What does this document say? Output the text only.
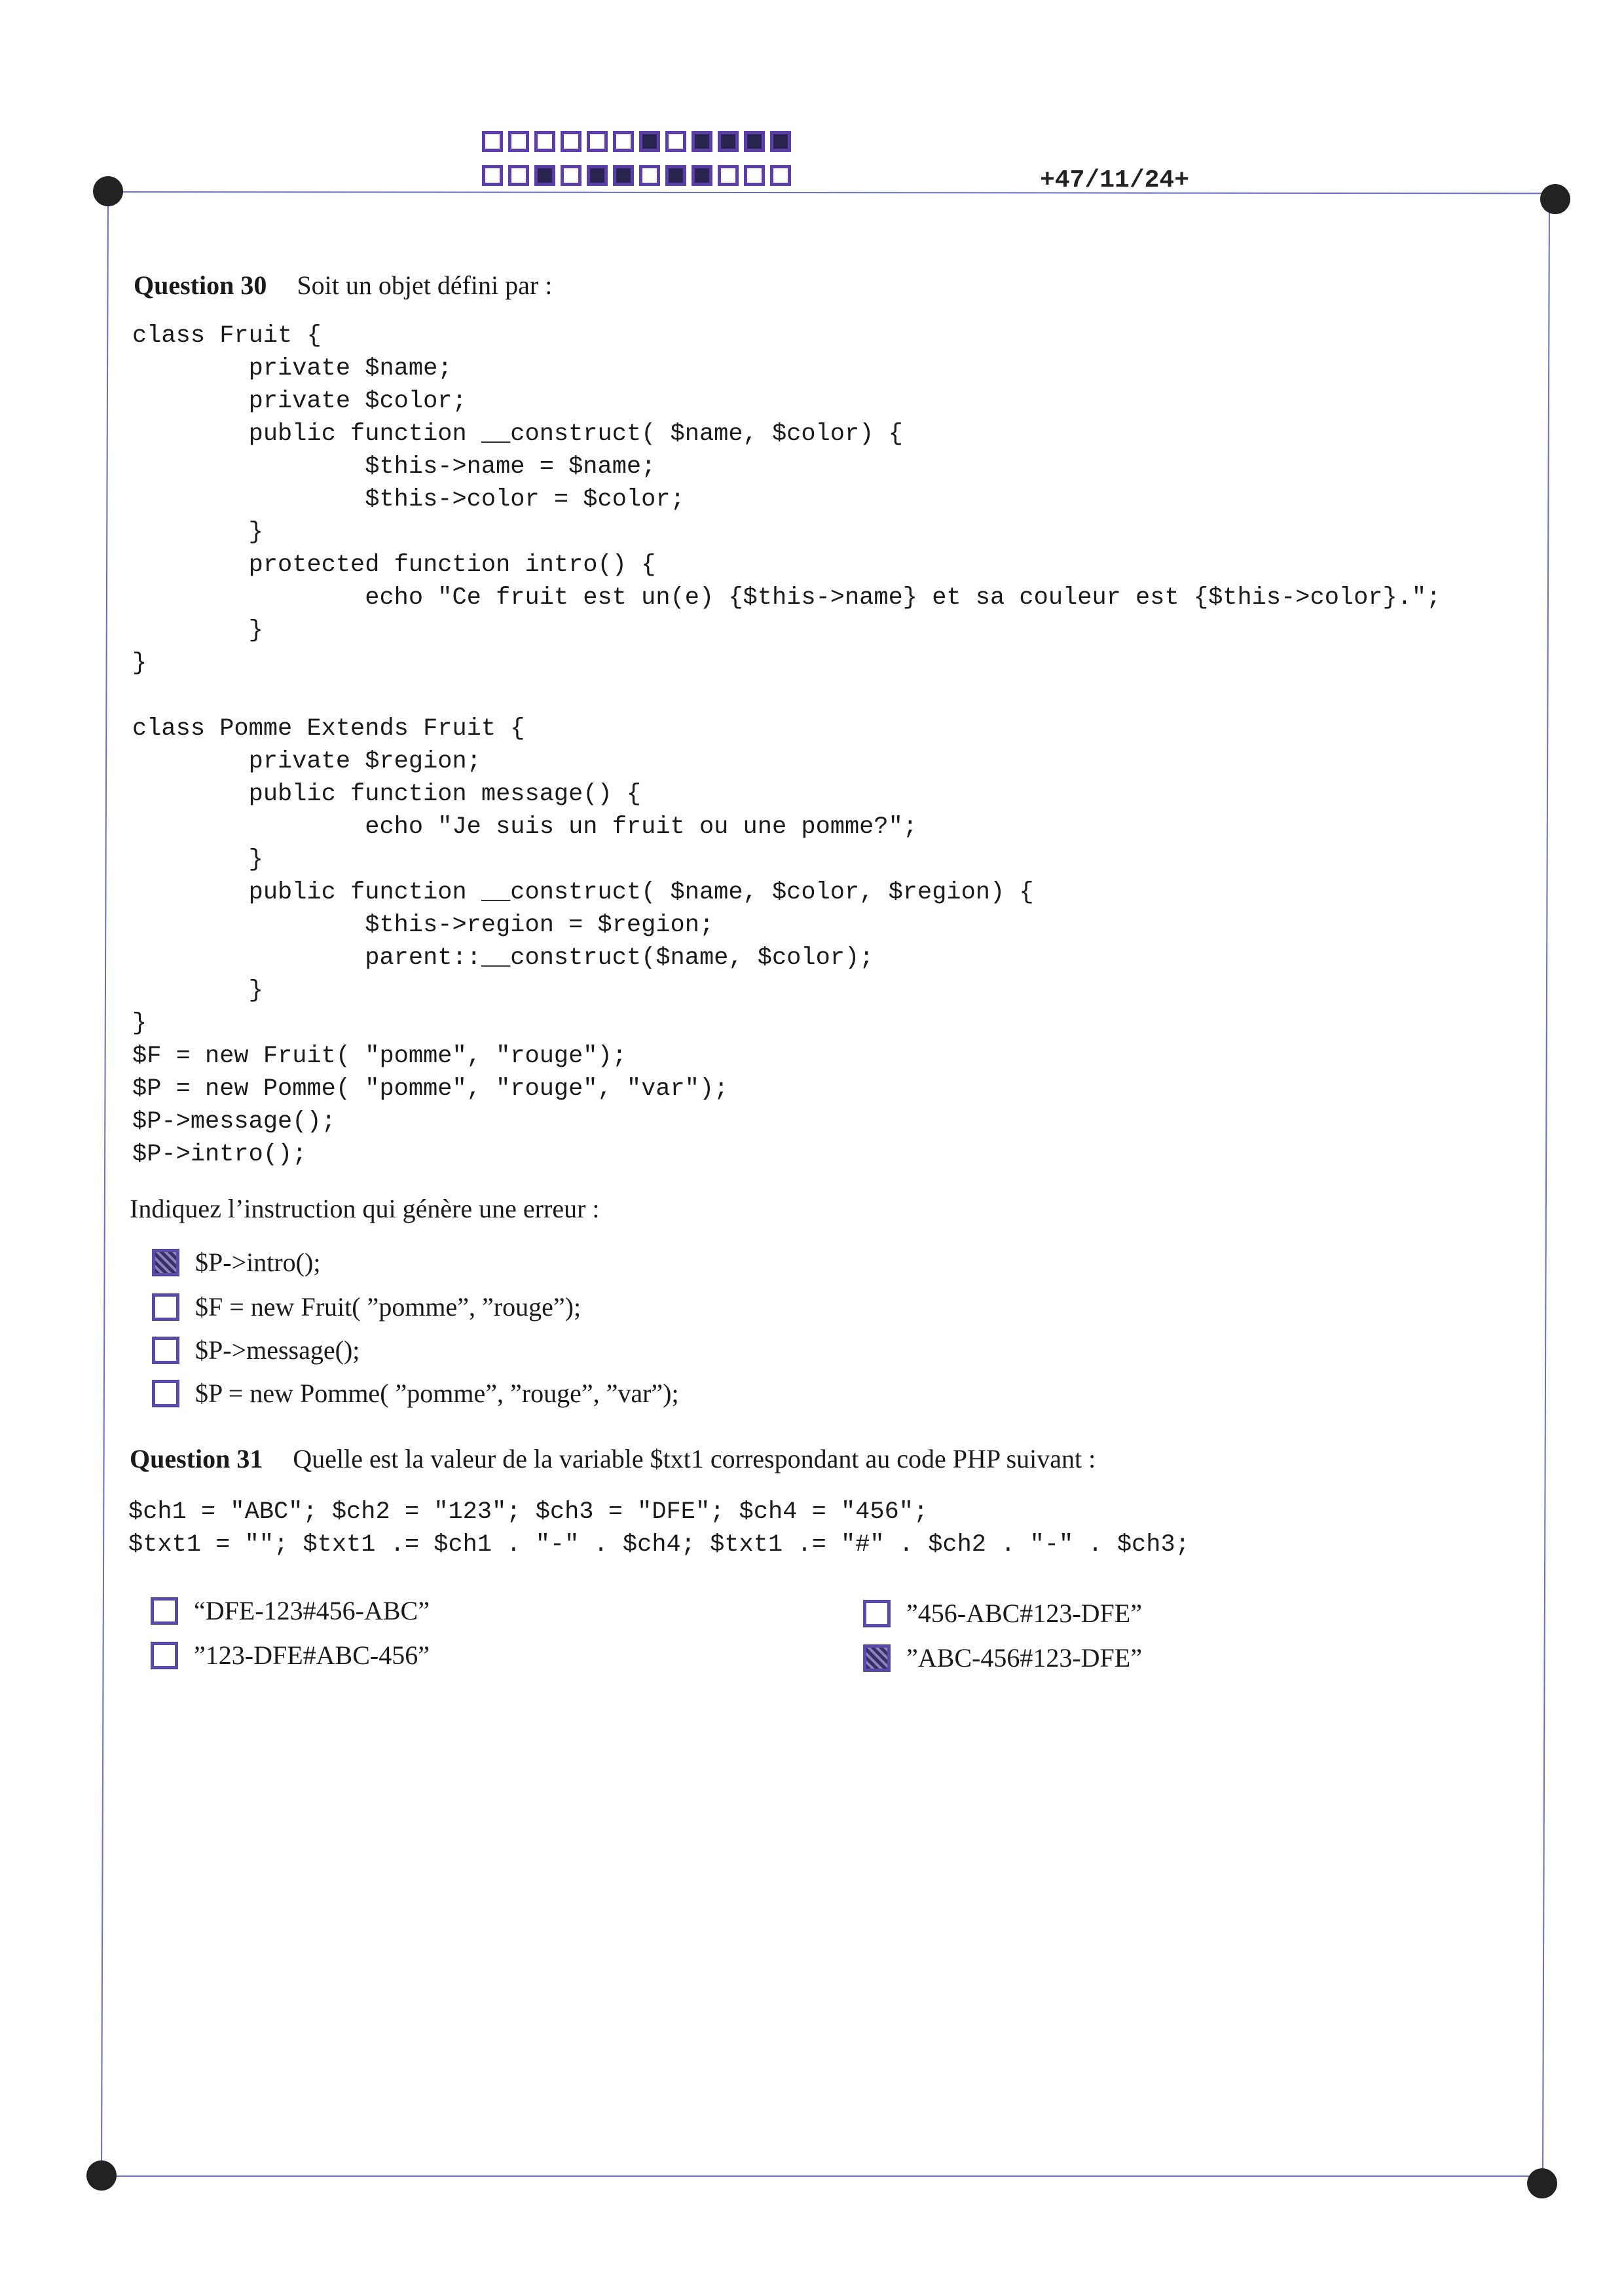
+47/11/24+
Question 30 Soit un objet défini par :
class Fruit {
private $name;
private $color;
public function __construct( $name, $color) {
$this->name = $name;
$this->color = $color;
}
protected function intro() {
echo "Ce fruit est un(e) {$this->name} et sa couleur est {$this->color}.";
}
}

class Pomme Extends Fruit {
private $region;
public function message() {
echo "Je suis un fruit ou une pomme?";
}
public function __construct( $name, $color, $region) {
$this->region = $region;
parent::__construct($name, $color);
}
}
$F = new Fruit( "pomme", "rouge");
$P = new Pomme( "pomme", "rouge", "var");
$P->message();
$P->intro();
Indiquez l’instruction qui génère une erreur :
$P->intro();
$F = new Fruit( ”pomme”, ”rouge”);
$P->message();
$P = new Pomme( ”pomme”, ”rouge”, ”var”);
Question 31 Quelle est la valeur de la variable $txt1 correspondant au code PHP suivant :
$ch1 = "ABC"; $ch2 = "123"; $ch3 = "DFE"; $ch4 = "456";
$txt1 = ""; $txt1 .= $ch1 . "-" . $ch4; $txt1 .= "#" . $ch2 . "-" . $ch3;
“DFE-123#456-ABC”
”123-DFE#ABC-456”
”456-ABC#123-DFE”
”ABC-456#123-DFE”
